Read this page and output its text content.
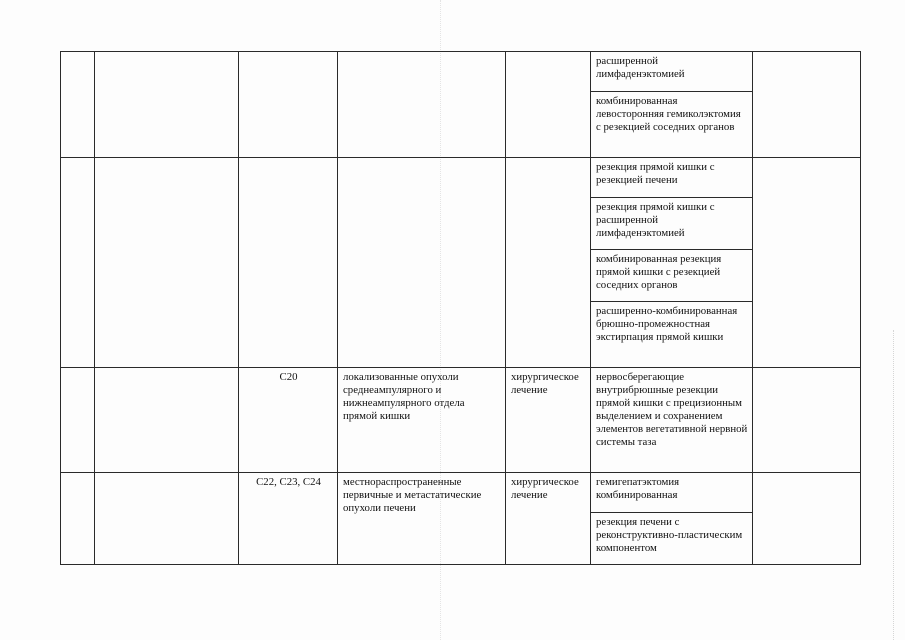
					расширенной лимфаденэктомией	
					комбинированная левосторонняя гемиколэктомия с резекцией соседних органов	
					резекция прямой кишки с резекцией печени	
					резекция прямой кишки с расширенной лимфаденэктомией	
					комбинированная резекция прямой кишки с резекцией соседних органов	
					расширенно-комбинированная брюшно-промежностная экстирпация прямой кишки	
		C20	локализованные опухоли среднеампулярного и нижнеампулярного отдела прямой кишки	хирургическое лечение	нервосберегающие внутрибрюшные резекции прямой кишки с прецизионным выделением и сохранением элементов вегетативной нервной системы таза	
		C22, C23, C24	местнораспространенные первичные и метастатические опухоли печени	хирургическое лечение	гемигепатэктомия комбинированная	
					резекция печени с реконструктивно-пластическим компонентом	
